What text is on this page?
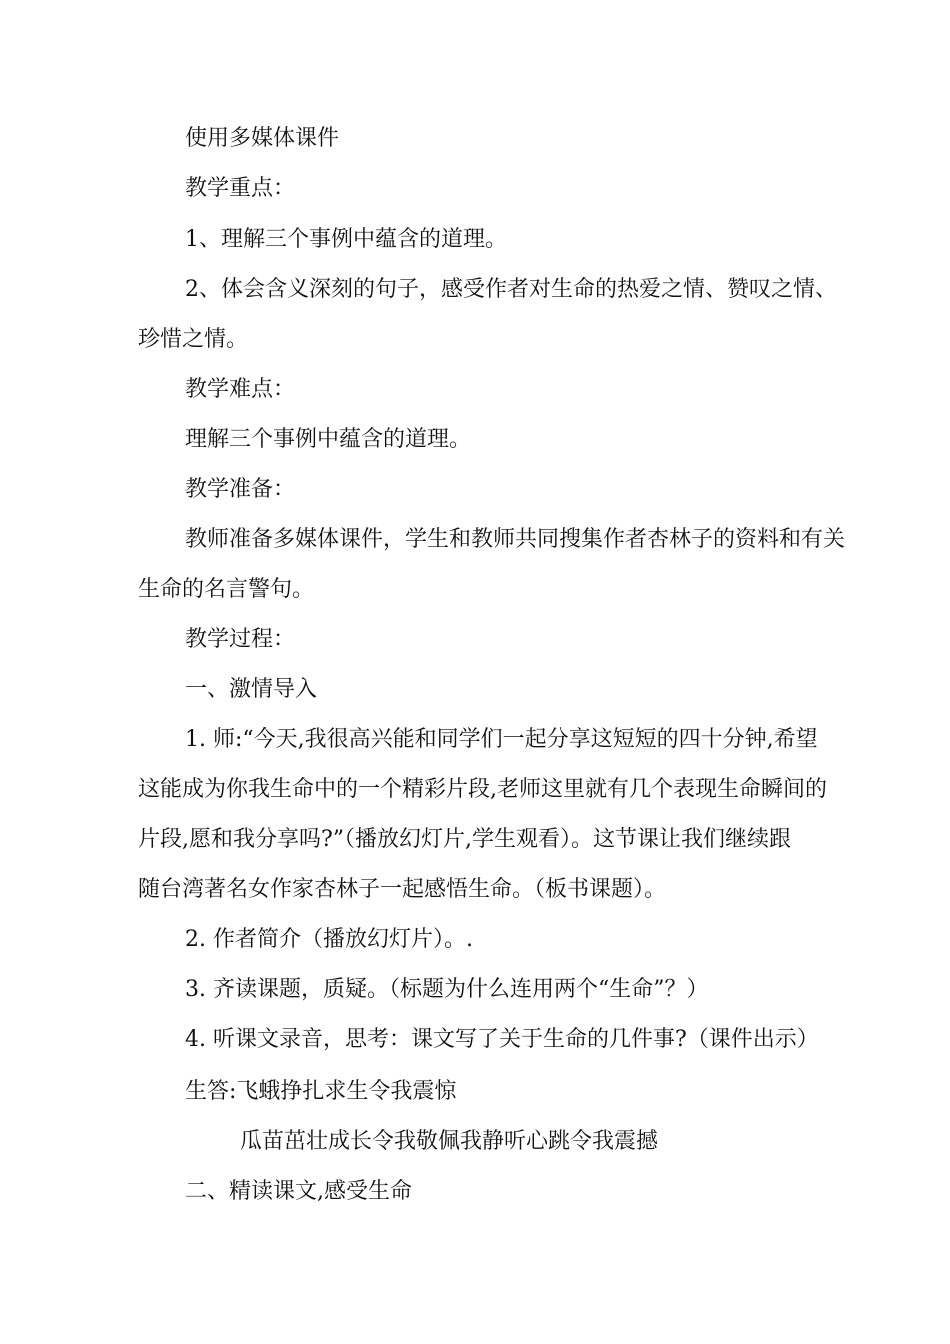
使用多媒体课件
教学重点：
1、理解三个事例中蕴含的道理。
2、体会含义深刻的句子，感受作者对生命的热爱之情、赞叹之情、
珍惜之情。
教学难点：
理解三个事例中蕴含的道理。
教学准备：
教师准备多媒体课件，学生和教师共同搜集作者杏林子的资料和有关
生命的名言警句。
教学过程：
一、激情导入
1. 师:“今天,我很高兴能和同学们一起分享这短短的四十分钟,希望
这能成为你我生命中的一个精彩片段,老师这里就有几个表现生命瞬间的
片段,愿和我分享吗?”（播放幻灯片,学生观看）。这节课让我们继续跟
随台湾著名女作家杏林子一起感悟生命。（板书课题）。
2. 作者简介（播放幻灯片）。.
3. 齐读课题，质疑。（标题为什么连用两个“生命”？）
4. 听课文录音，思考：课文写了关于生命的几件事?（课件出示）
生答:飞蛾挣扎求生令我震惊
瓜苗茁壮成长令我敬佩我静听心跳令我震撼
二、精读课文,感受生命
